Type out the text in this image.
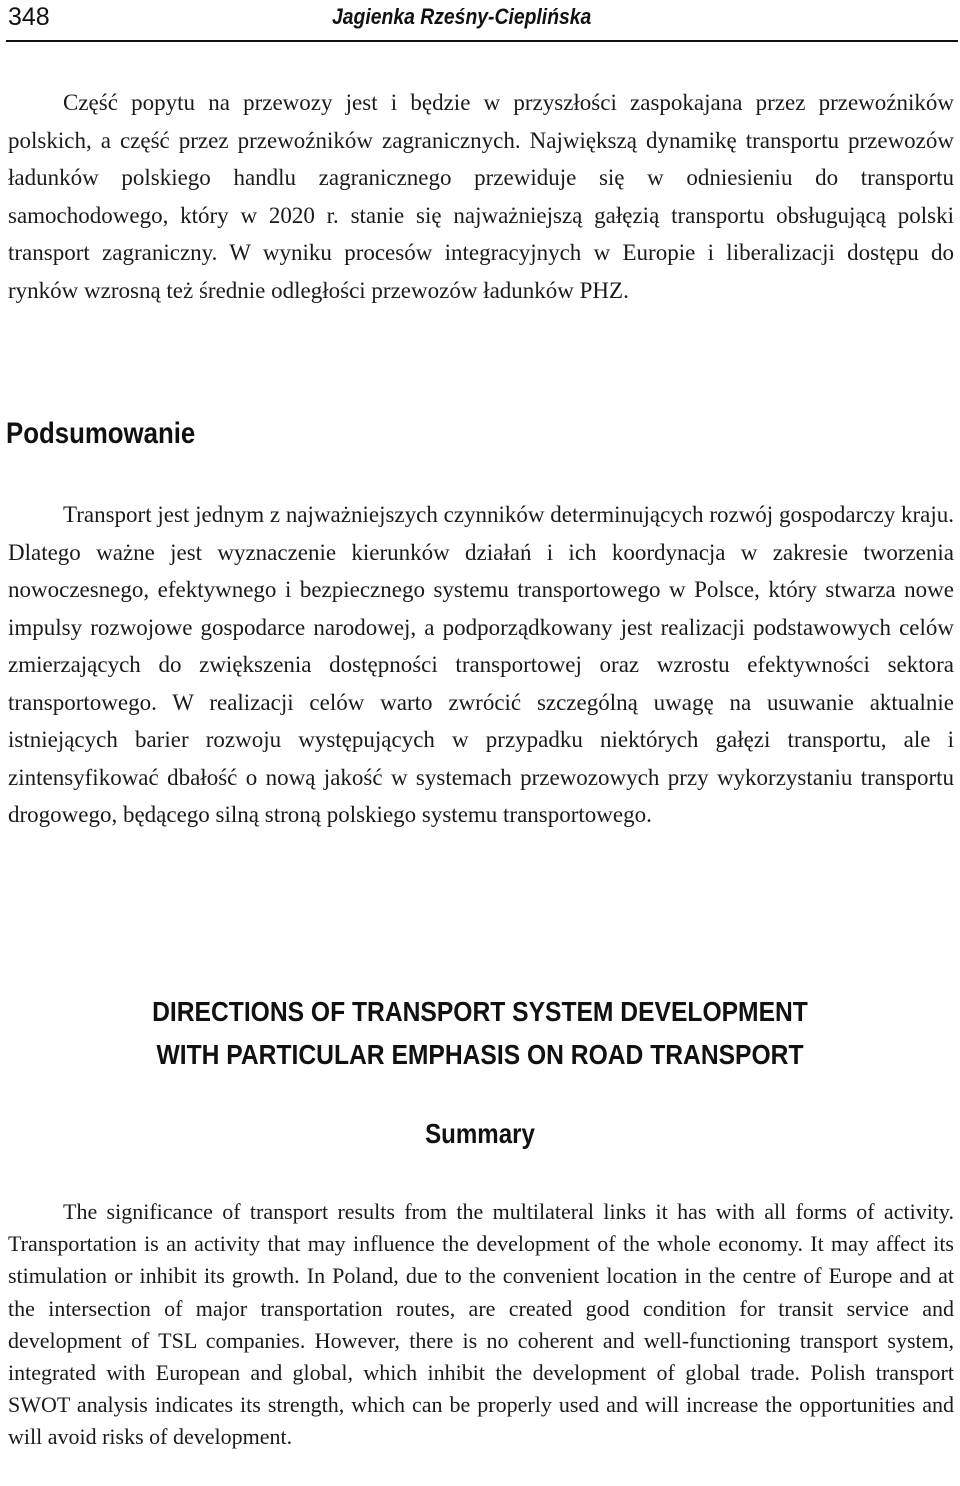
348	Jagienka Rześny-Cieplińska

Część popytu na przewozy jest i będzie w przyszłości zaspokajana przez przewoźników polskich, a część przez przewoźników zagranicznych. Największą dynamikę transportu przewozów ładunków polskiego handlu zagranicznego przewiduje się w odniesieniu do transportu samochodowego, który w 2020 r. stanie się najważniejszą gałęzią transportu obsługującą polski transport zagraniczny. W wyniku procesów integracyjnych w Europie i liberalizacji dostępu do rynków wzrosną też średnie odległości przewozów ładunków PHZ.

Podsumowanie

Transport jest jednym z najważniejszych czynników determinujących rozwój gospodarczy kraju. Dlatego ważne jest wyznaczenie kierunków działań i ich koordynacja w zakresie tworzenia nowoczesnego, efektywnego i bezpiecznego systemu transportowego w Polsce, który stwarza nowe impulsy rozwojowe gospodarce narodowej, a podporządkowany jest realizacji podstawowych celów zmierzających do zwiększenia dostępności transportowej oraz wzrostu efektywności sektora transportowego. W realizacji celów warto zwrócić szczególną uwagę na usuwanie aktualnie istniejących barier rozwoju występujących w przypadku niektórych gałęzi transportu, ale i zintensyfikować dbałość o nową jakość w systemach przewozowych przy wykorzystaniu transportu drogowego, będącego silną stroną polskiego systemu transportowego.

DIRECTIONS OF TRANSPORT SYSTEM DEVELOPMENT
WITH PARTICULAR EMPHASIS ON ROAD TRANSPORT
Summary

The significance of transport results from the multilateral links it has with all forms of activity. Transportation is an activity that may influence the development of the whole economy. It may affect its stimulation or inhibit its growth. In Poland, due to the convenient location in the centre of Europe and at the intersection of major transportation routes, are created good condition for transit service and development of TSL companies. However, there is no coherent and well-functioning transport system, integrated with European and global, which inhibit the development of global trade. Polish transport SWOT analysis indicates its strength, which can be properly used and will increase the opportunities and will avoid risks of development.
